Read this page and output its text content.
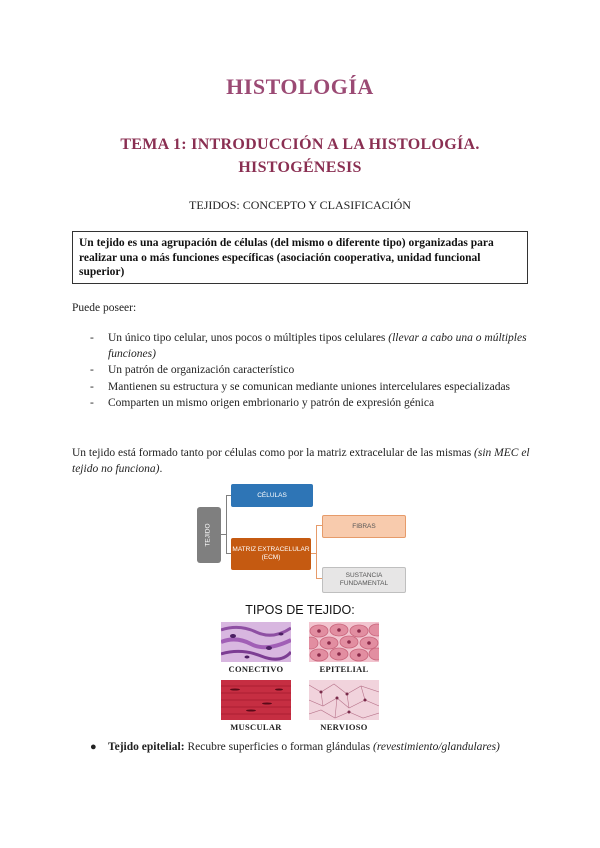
HISTOLOGÍA
TEMA 1: INTRODUCCIÓN A LA HISTOLOGÍA.
HISTOGÉNESIS
TEJIDOS: CONCEPTO Y CLASIFICACIÓN
Un tejido es una agrupación de células (del mismo o diferente tipo) organizadas para realizar una o más funciones específicas (asociación cooperativa, unidad funcional superior)
Puede poseer:
- Un único tipo celular, unos pocos o múltiples tipos celulares (llevar a cabo una o múltiples funciones)
- Un patrón de organización característico
- Mantienen su estructura y se comunican mediante uniones intercelulares especializadas
- Comparten un mismo origen embrionario y patrón de expresión génica
Un tejido está formado tanto por células como por la matriz extracelular de las mismas (sin MEC el tejido no funciona).
TEJIDO
CÉLULAS
MATRIZ EXTRACELULAR (ECM)
FIBRAS
SUSTANCIA FUNDAMENTAL
TIPOS DE TEJIDO:
CONECTIVO	EPITELIAL
MUSCULAR	NERVIOSO
● Tejido epitelial: Recubre superficies o forman glándulas (revestimiento/glandulares)
